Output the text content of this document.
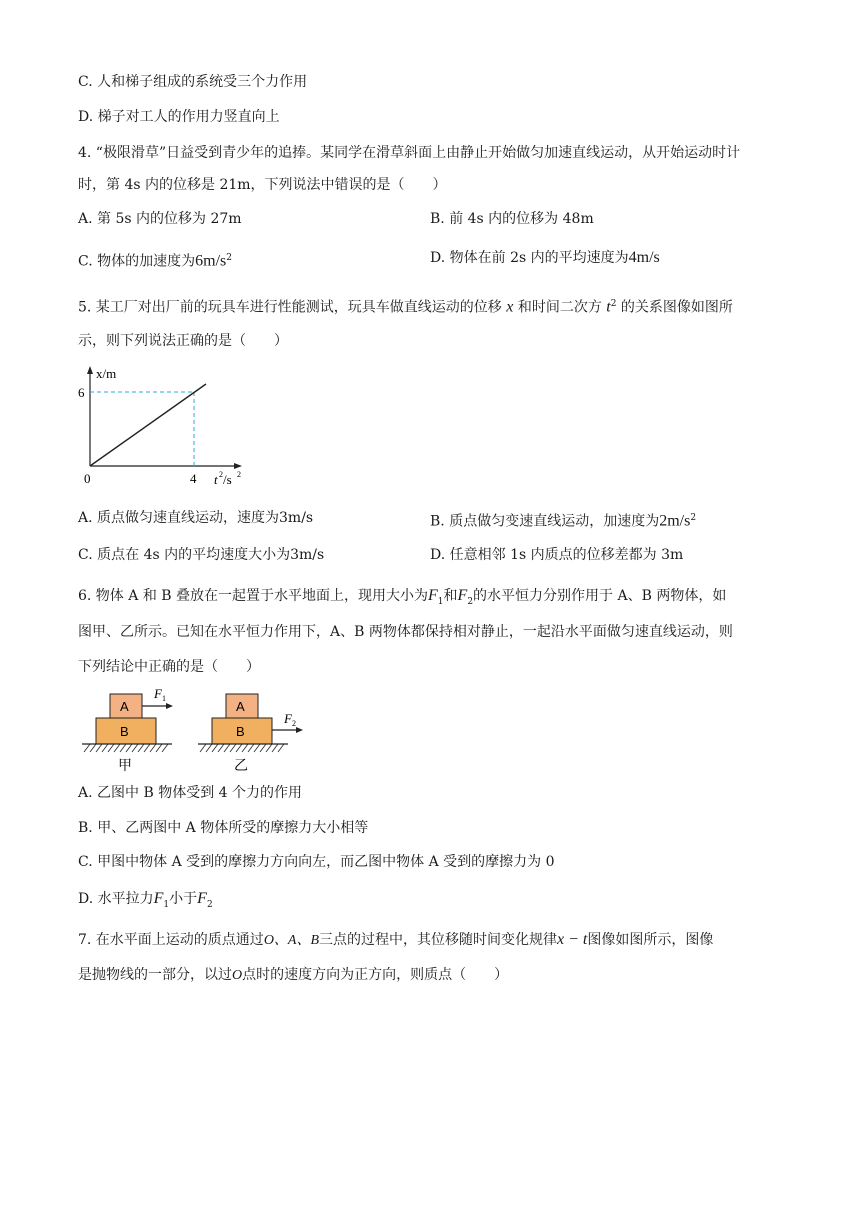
C. 人和梯子组成的系统受三个力作用
D. 梯子对工人的作用力竖直向上
4. “极限滑草”日益受到青少年的追捧。某同学在滑草斜面上由静止开始做匀加速直线运动，从开始运动时计
时，第 4s 内的位移是 21m，下列说法中错误的是（　　）
A. 第 5s 内的位移为 27m	B. 前 4s 内的位移为 48m
C. 物体的加速度为$6m/s^2$	D. 物体在前 2s 内的平均速度为4m/s
5. 某工厂对出厂前的玩具车进行性能测试，玩具车做直线运动的位移 x 和时间二次方 $t^2$ 的关系图像如图所
示，则下列说法正确的是（　　）
x/m
6
0	4 t 2 /s 2
A. 质点做匀速直线运动，速度为3m/s	B. 质点做匀变速直线运动，加速度为$2m/s^2$
C. 质点在 4s 内的平均速度大小为3m/s	D. 任意相邻 1s 内质点的位移差都为 3m
6. 物体 A 和 B 叠放在一起置于水平地面上，现用大小为$F_1$和$F_2$的水平恒力分别作用于 A、B 两物体，如
图甲、乙所示。已知在水平恒力作用下，A、B 两物体都保持相对静止，一起沿水平面做匀速直线运动，则
下列结论中正确的是（　　）
A
B
F 1
甲
A
B
F 2
乙
A. 乙图中 B 物体受到 4 个力的作用
B. 甲、乙两图中 A 物体所受的摩擦力大小相等
C. 甲图中物体 A 受到的摩擦力方向向左，而乙图中物体 A 受到的摩擦力为 0
D. 水平拉力$F_1$小于$F_2$
7. 在水平面上运动的质点通过O、A、B三点的过程中，其位移随时间变化规律x − t图像如图所示，图像
是抛物线的一部分，以过O点时的速度方向为正方向，则质点（　　）
